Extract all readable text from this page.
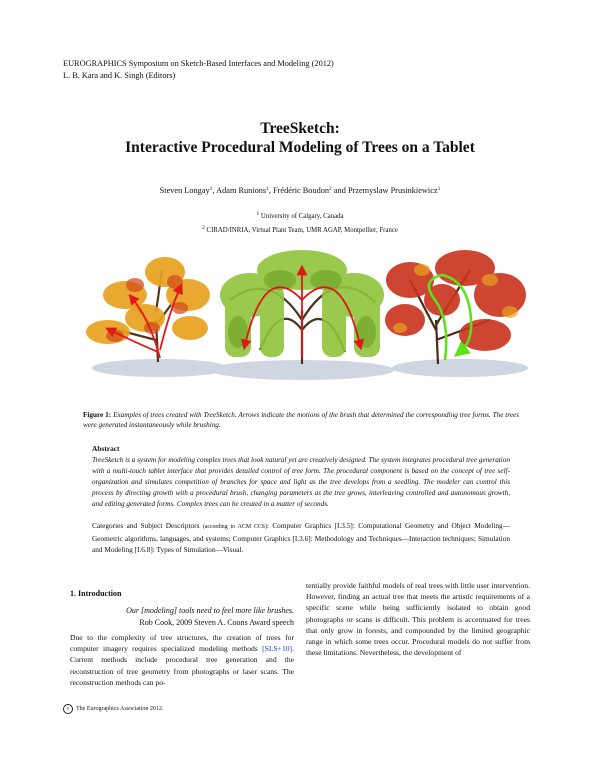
EUROGRAPHICS Symposium on Sketch-Based Interfaces and Modeling (2012)
L. B. Kara and K. Singh (Editors)
TreeSketch:
Interactive Procedural Modeling of Trees on a Tablet
Steven Longay$^1$, Adam Runions$^1$, Frédéric Boudon$^2$ and Przemyslaw Prusinkiewicz$^1$
$^1$ University of Calgary, Canada
$^2$ CIRAD/INRIA, Virtual Plant Team, UMR AGAP, Montpellier, France
Figure 1: Examples of trees created with TreeSketch. Arrows indicate the motions of the brush that determined the corresponding tree forms. The trees were generated instantaneously while brushing.
Abstract
TreeSketch is a system for modeling complex trees that look natural yet are creatively designed. The system integrates procedural tree generation with a multi-touch tablet interface that provides detailed control of tree form. The procedural component is based on the concept of tree self-organization and simulates competition of branches for space and light as the tree develops from a seedling. The modeler can control this process by directing growth with a procedural brush, changing parameters as the tree grows, interleaving controlled and autonomous growth, and editing generated forms. Complex trees can be created in a matter of seconds.
Categories and Subject Descriptors (according to ACM CCS): Computer Graphics [I.3.5]: Computational Geometry and Object Modeling—Geometric algorithms, languages, and systems; Computer Graphics [I.3.6]: Methodology and Techniques—Interaction techniques; Simulation and Modeling [I.6.8]: Types of Simulation—Visual.
1. Introduction
Our [modeling] tools need to feel more like brushes.
Rob Cook, 2009 Steven A. Coons Award speech
Due to the complexity of tree structures, the creation of trees for computer imagery requires specialized modeling methods [SLS+10]. Current methods include procedural tree generation and the reconstruction of tree geometry from photographs or laser scans. The reconstruction methods can po-
tentially provide faithful models of real trees with little user intervention. However, finding an actual tree that meets the artistic requirements of a specific scene while being sufficiently isolated to obtain good photographs or scans is difficult. This problem is accentuated for trees that only grow in forests, and compounded by the limited geographic range in which some trees occur. Procedural models do not suffer from these limitations. Nevertheless, the development of
c	The Eurographics Association 2012.
